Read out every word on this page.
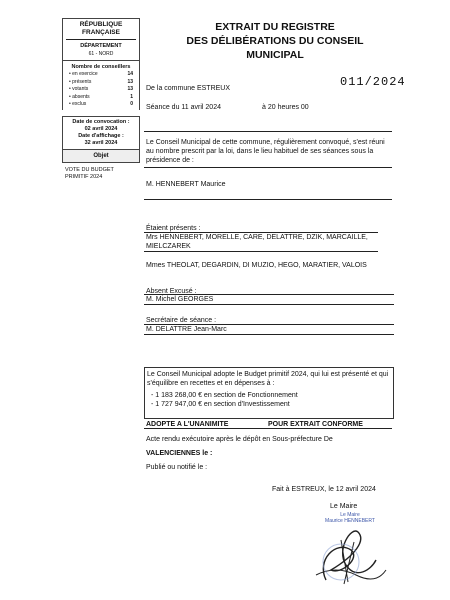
RÉPUBLIQUE FRANÇAISE
DÉPARTEMENT
61 - NORD
Nombre de conseillers
• en exercice	14
• présents	13
• votants	13
• absents	1
• exclus	0
Date de convocation :
02 avril 2024
Date d'affichage :
32 avril 2024
Objet
VOTE DU BUDGET PRIMITIF 2024
EXTRAIT DU REGISTRE
DES DÉLIBÉRATIONS DU CONSEIL
MUNICIPAL
011/2024
De la commune ESTREUX
Séance du 11 avril 2024	à 20 heures 00
Le Conseil Municipal de cette commune, régulièrement convoqué, s'est réuni au nombre prescrit par la loi, dans le lieu habituel de ses séances sous la présidence de :
M. HENNEBERT Maurice
Étaient présents :
Mrs HENNEBERT, MORELLE, CARE, DELATTRE, DZIK, MARCAILLE, MIELCZAREK
Mmes THEOLAT, DEGARDIN, DI MUZIO, HEGO, MARATIER, VALOIS
Absent Excusé :
M. Michel GEORGES
Secrétaire de séance :
M. DELATTRE Jean-Marc
Le Conseil Municipal adopte le Budget primitif 2024, qui lui est présenté et qui s'équilibre en recettes et en dépenses à :
- 1 183 268,00 € en section de Fonctionnement
- 1 727 947,00 € en section d'Investissement
ADOPTE A L'UNANIMITE	POUR EXTRAIT CONFORME
Acte rendu exécutoire après le dépôt en Sous-préfecture De
VALENCIENNES le :
Publié ou notifié le :
Fait à ESTREUX, le 12 avril 2024
Le Maire
Le Maire
Maurice HENNEBERT
